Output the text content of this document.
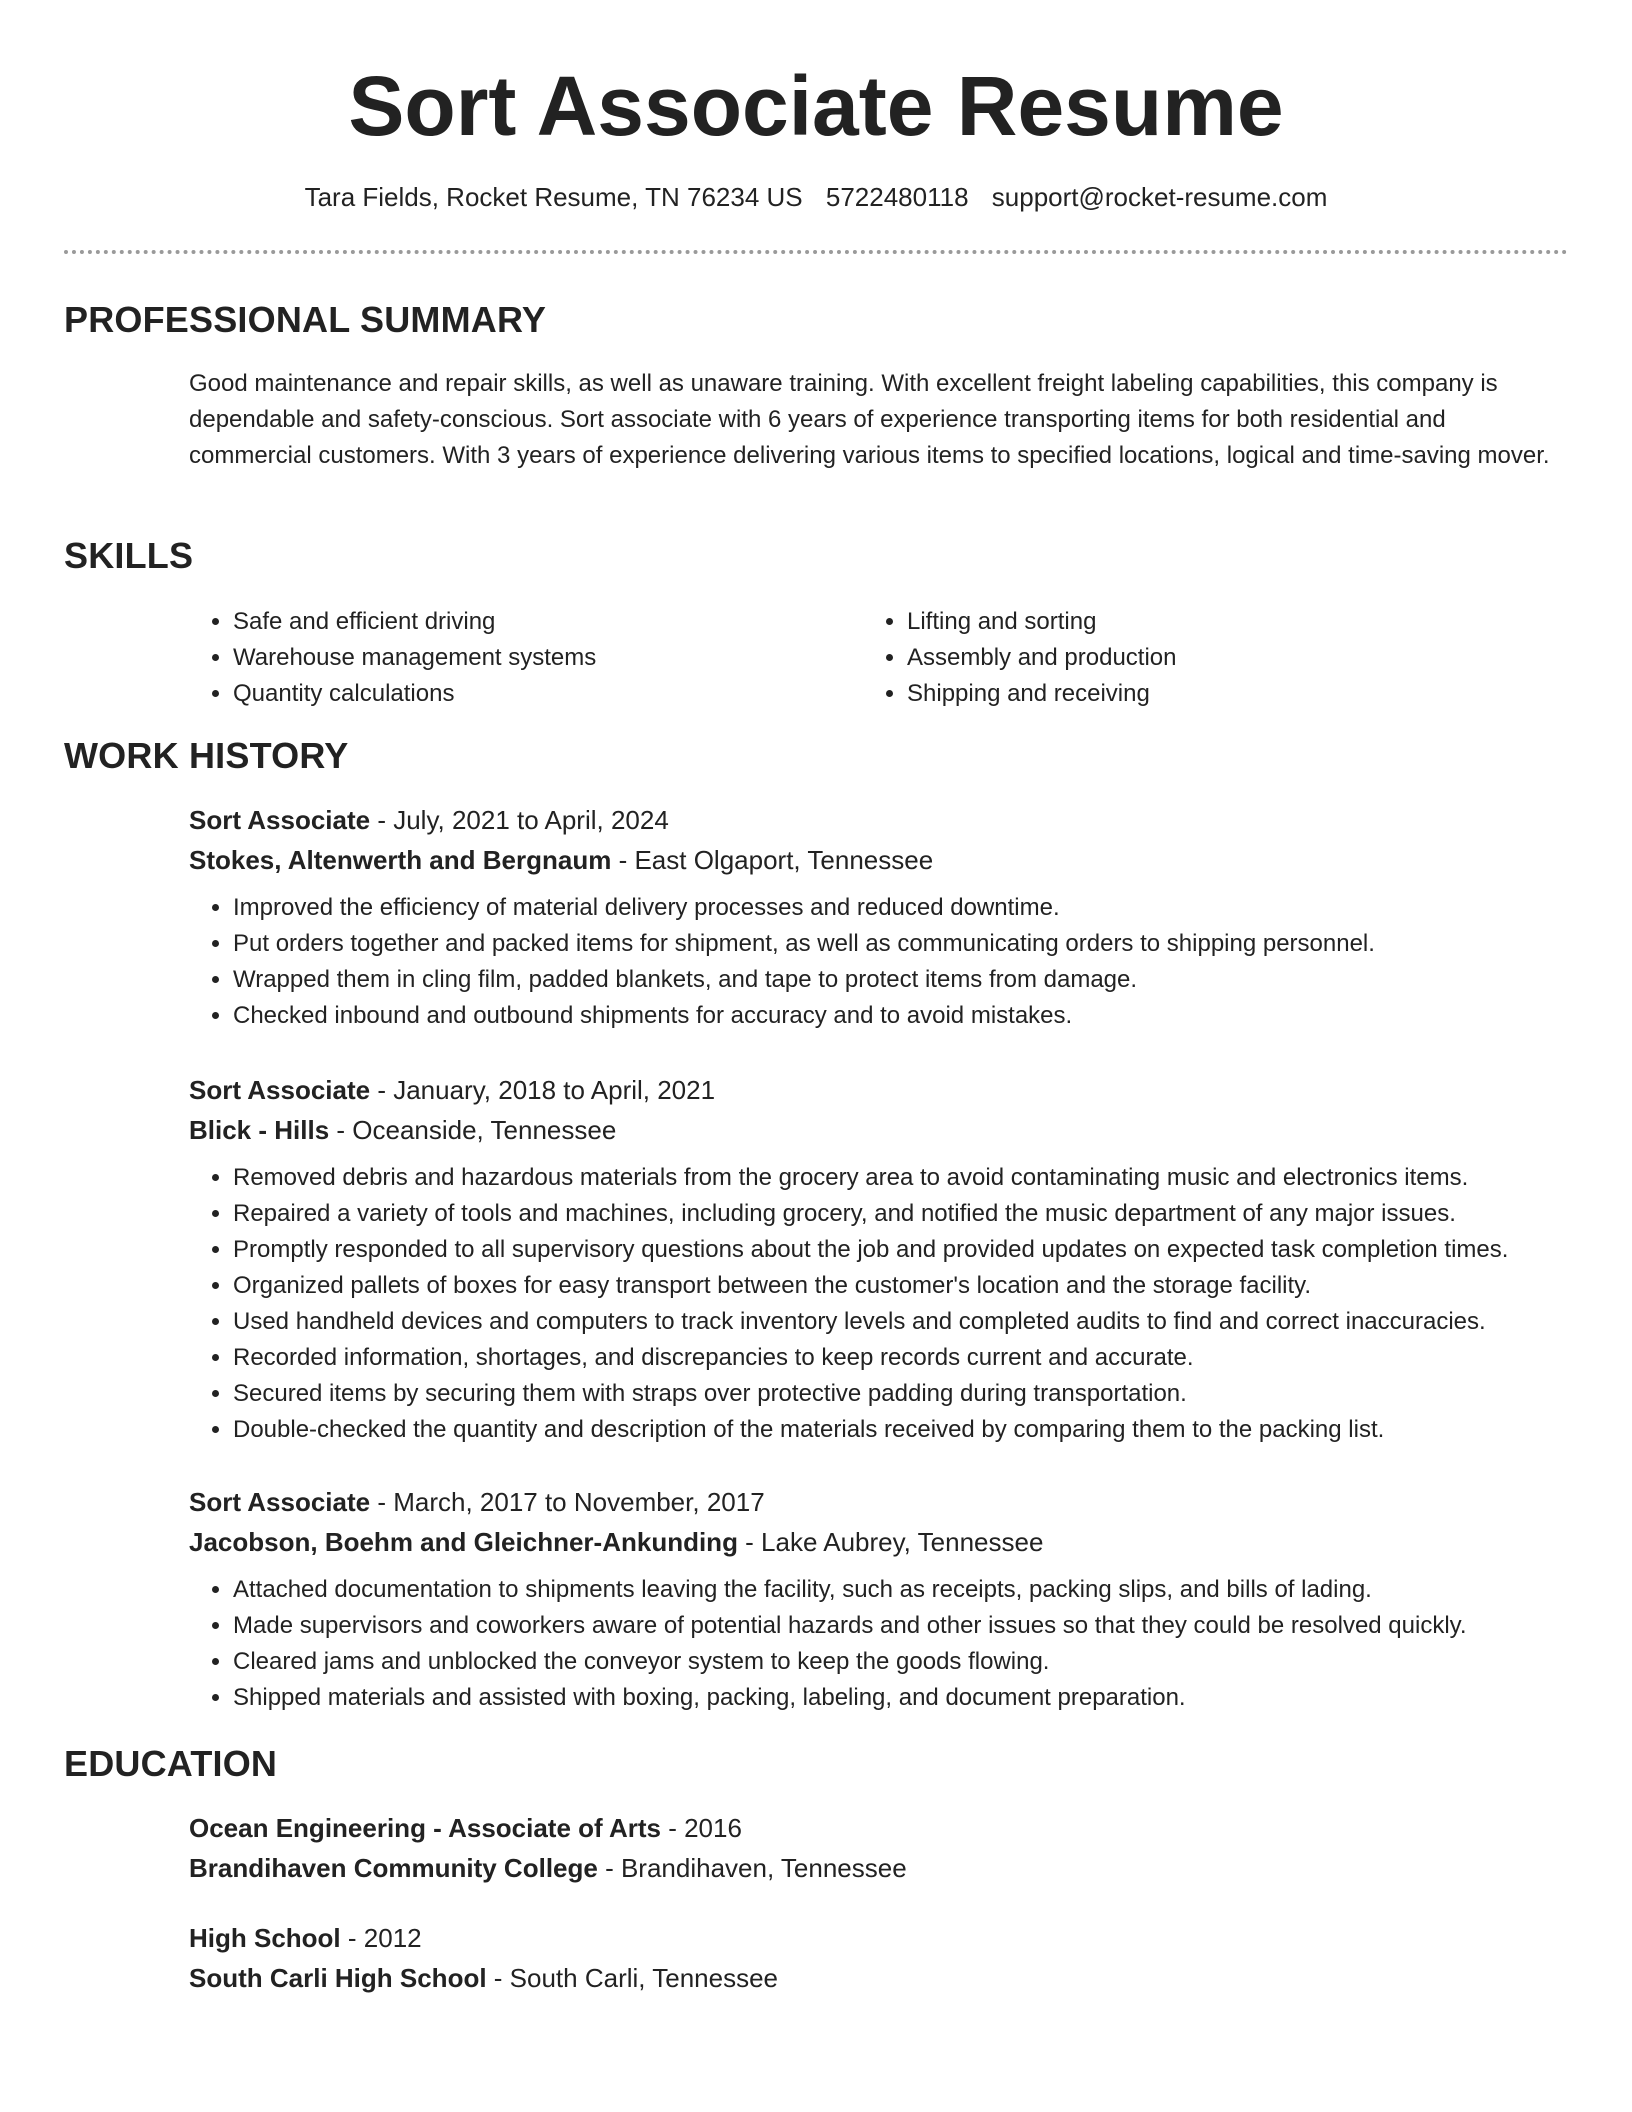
Sort Associate Resume
Tara Fields, Rocket Resume, TN 76234 US 5722480118 support@rocket-resume.com
PROFESSIONAL SUMMARY

Good maintenance and repair skills, as well as unaware training. With excellent freight labeling capabilities, this company is dependable and safety-conscious. Sort associate with 6 years of experience transporting items for both residential and commercial customers. With 3 years of experience delivering various items to specified locations, logical and time-saving mover.

SKILLS
• Safe and efficient driving
• Warehouse management systems
• Quantity calculations
• Lifting and sorting
• Assembly and production
• Shipping and receiving
WORK HISTORY

Sort Associate - July, 2021 to April, 2024

Stokes, Altenwerth and Bergnaum - East Olgaport, Tennessee

• Improved the efficiency of material delivery processes and reduced downtime.
• Put orders together and packed items for shipment, as well as communicating orders to shipping personnel.
• Wrapped them in cling film, padded blankets, and tape to protect items from damage.
• Checked inbound and outbound shipments for accuracy and to avoid mistakes.

Sort Associate - January, 2018 to April, 2021

Blick - Hills - Oceanside, Tennessee

• Removed debris and hazardous materials from the grocery area to avoid contaminating music and electronics items.
• Repaired a variety of tools and machines, including grocery, and notified the music department of any major issues.
• Promptly responded to all supervisory questions about the job and provided updates on expected task completion times.
• Organized pallets of boxes for easy transport between the customer's location and the storage facility.
• Used handheld devices and computers to track inventory levels and completed audits to find and correct inaccuracies.
• Recorded information, shortages, and discrepancies to keep records current and accurate.
• Secured items by securing them with straps over protective padding during transportation.
• Double-checked the quantity and description of the materials received by comparing them to the packing list.

Sort Associate - March, 2017 to November, 2017

Jacobson, Boehm and Gleichner-Ankunding - Lake Aubrey, Tennessee

• Attached documentation to shipments leaving the facility, such as receipts, packing slips, and bills of lading.
• Made supervisors and coworkers aware of potential hazards and other issues so that they could be resolved quickly.
• Cleared jams and unblocked the conveyor system to keep the goods flowing.
• Shipped materials and assisted with boxing, packing, labeling, and document preparation.
EDUCATION

Ocean Engineering - Associate of Arts - 2016

Brandihaven Community College - Brandihaven, Tennessee

High School - 2012

South Carli High School - South Carli, Tennessee
